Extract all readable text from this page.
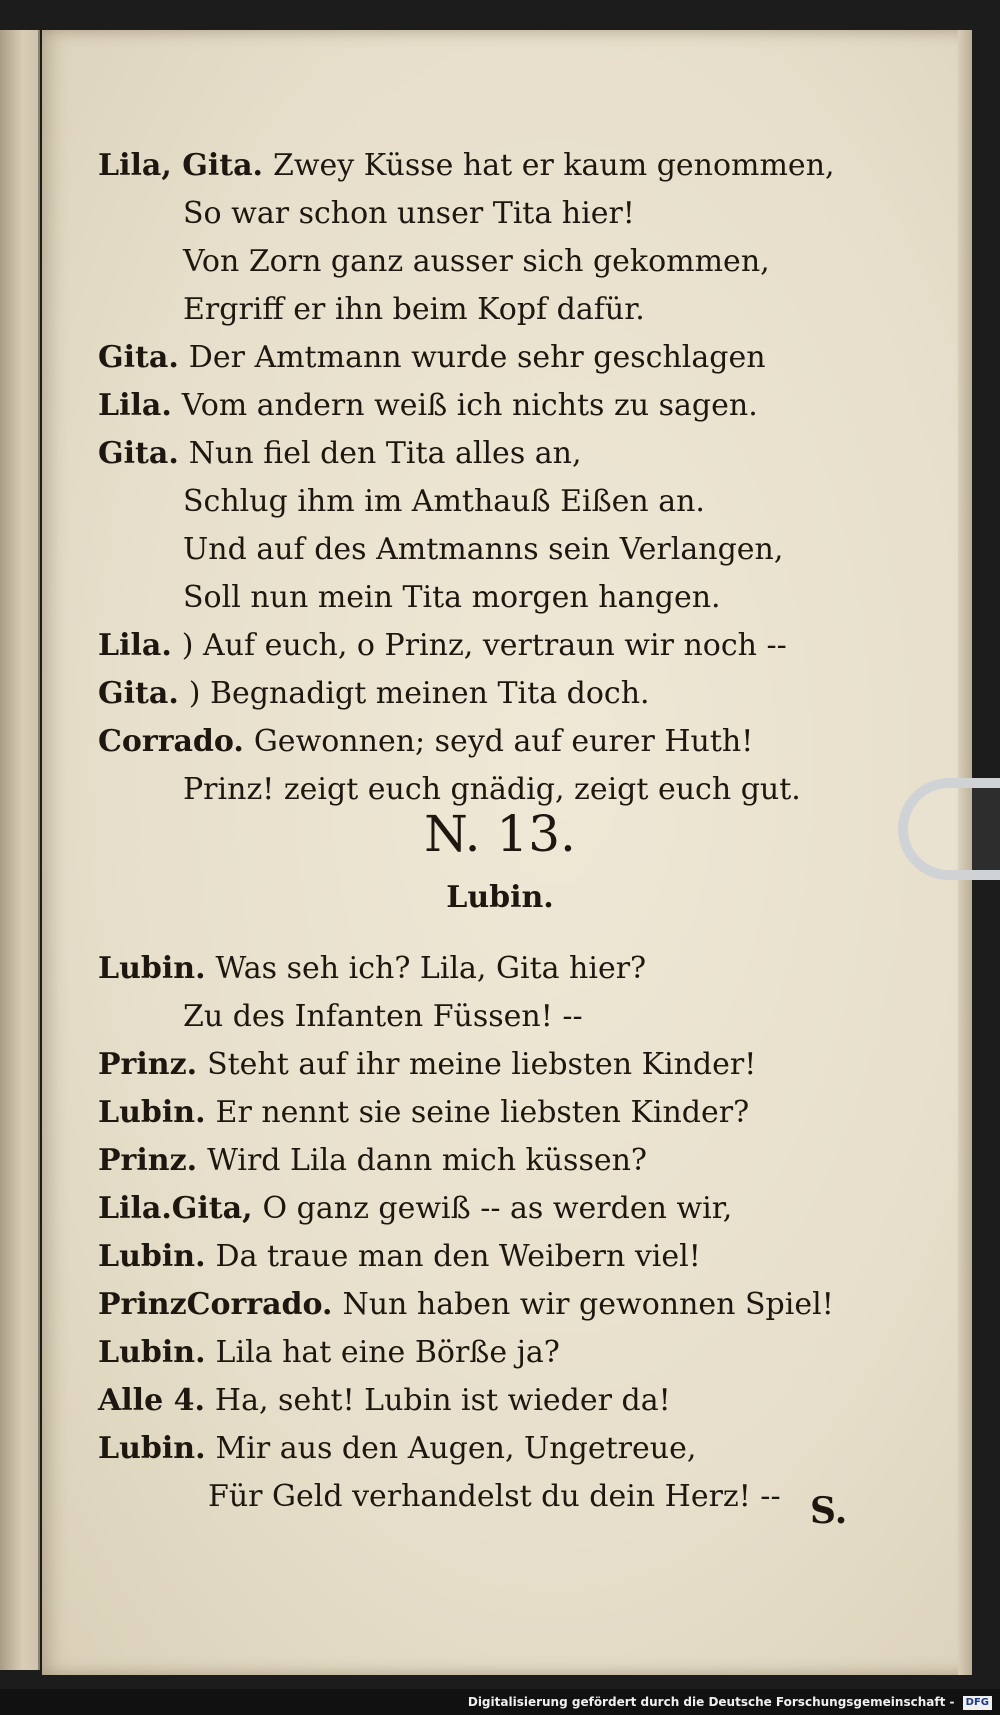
Lila, Gita. Zwey Küsse hat er kaum genommen,
So war schon unser Tita hier!
Von Zorn ganz ausser sich gekommen,
Ergriff er ihn beim Kopf dafür.
Gita. Der Amtmann wurde sehr geschlagen
Lila. Vom andern weiß ich nichts zu sagen.
Gita. Nun fiel den Tita alles an,
Schlug ihm im Amthauß Eißen an.
Und auf des Amtmanns sein Verlangen,
Soll nun mein Tita morgen hangen.
Lila. ) Auf euch, o Prinz, vertraun wir noch --
Gita. ) Begnadigt meinen Tita doch.
Corrado. Gewonnen; seyd auf eurer Huth!
Prinz! zeigt euch gnädig, zeigt euch gut.
N. 13.
Lubin.
Lubin. Was seh ich? Lila, Gita hier?
Zu des Infanten Füssen! --
Prinz. Steht auf ihr meine liebsten Kinder!
Lubin. Er nennt sie seine liebsten Kinder?
Prinz. Wird Lila dann mich küssen?
Lila.Gita, O ganz gewiß -- as werden wir,
Lubin. Da traue man den Weibern viel!
PrinzCorrado. Nun haben wir gewonnen Spiel!
Lubin. Lila hat eine Börße ja?
Alle 4. Ha, seht! Lubin ist wieder da!
Lubin. Mir aus den Augen, Ungetreue,
Für Geld verhandelst du dein Herz! -- S.
Digitalisierung gefördert durch die Deutsche Forschungsgemeinschaft - DFG
